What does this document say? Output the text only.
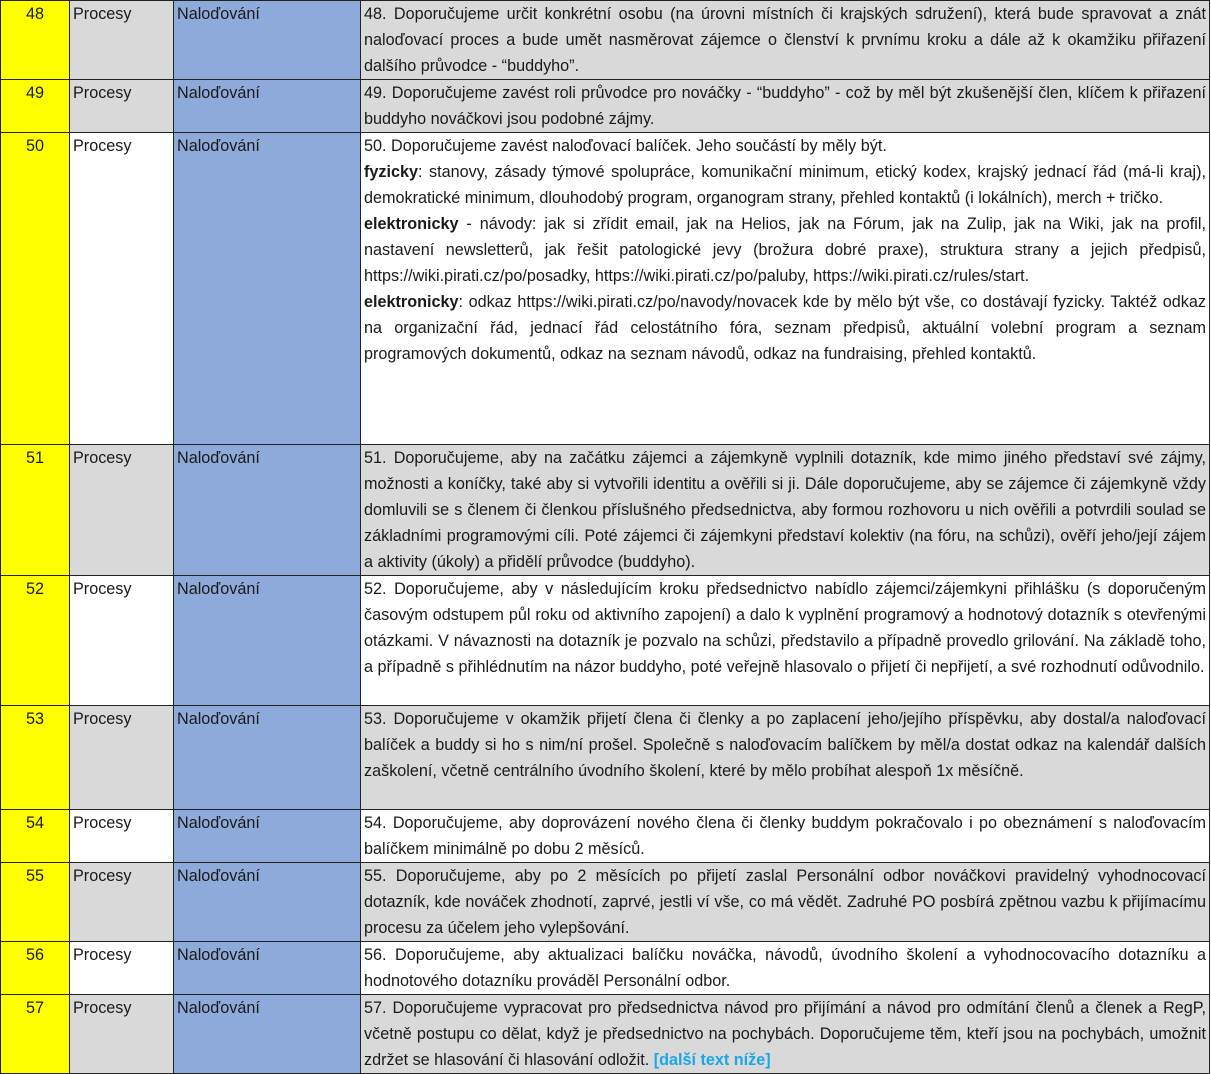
48	Procesy	Naloďování	48. Doporučujeme určit konkrétní osobu (na úrovni místních či krajských sdružení), která bude spravovat a znát naloďovací proces a bude umět nasměrovat zájemce o členství k prvnímu kroku a dále až k okamžiku přiřazení dalšího průvodce - “buddyho”.
49	Procesy	Naloďování	49. Doporučujeme zavést roli průvodce pro nováčky - “buddyho” - což by měl být zkušenější člen, klíčem k přiřazení buddyho nováčkovi jsou podobné zájmy.
50	Procesy	Naloďování	50. Doporučujeme zavést naloďovací balíček. Jeho součástí by měly být.
fyzicky: stanovy, zásady týmové spolupráce, komunikační minimum, etický kodex, krajský jednací řád (má-li kraj), demokratické minimum, dlouhodobý program, organogram strany, přehled kontaktů (i lokálních), merch + tričko.
elektronicky - návody: jak si zřídit email, jak na Helios, jak na Fórum, jak na Zulip, jak na Wiki, jak na profil, nastavení newsletterů, jak řešit patologické jevy (brožura dobré praxe), struktura strany a jejich předpisů, https://wiki.pirati.cz/po/posadky, https://wiki.pirati.cz/po/paluby, https://wiki.pirati.cz/rules/start.
elektronicky: odkaz https://wiki.pirati.cz/po/navody/novacek kde by mělo být vše, co dostávají fyzicky. Taktéž odkaz na organizační řád, jednací řád celostátního fóra, seznam předpisů, aktuální volební program a seznam programových dokumentů, odkaz na seznam návodů, odkaz na fundraising, přehled kontaktů.

51	Procesy	Naloďování	51. Doporučujeme, aby na začátku zájemci a zájemkyně vyplnili dotazník, kde mimo jiného představí své zájmy, možnosti a koníčky, také aby si vytvořili identitu a ověřili si ji. Dále doporučujeme, aby se zájemce či zájemkyně vždy domluvili se s členem či členkou příslušného předsednictva, aby formou rozhovoru u nich ověřili a potvrdili soulad se základními programovými cíli. Poté zájemci či zájemkyni představí kolektiv (na fóru, na schůzi), ověří jeho/její zájem a aktivity (úkoly) a přidělí průvodce (buddyho).
52	Procesy	Naloďování	52. Doporučujeme, aby v následujícím kroku předsednictvo nabídlo zájemci/zájemkyni přihlášku (s doporučeným časovým odstupem půl roku od aktivního zapojení) a dalo k vyplnění programový a hodnotový dotazník s otevřenými otázkami. V návaznosti na dotazník je pozvalo na schůzi, představilo a případně provedlo grilování. Na základě toho, a případně s přihlédnutím na názor buddyho, poté veřejně hlasovalo o přijetí či nepřijetí, a své rozhodnutí odůvodnilo.
53	Procesy	Naloďování	53. Doporučujeme v okamžik přijetí člena či členky a po zaplacení jeho/jejího příspěvku, aby dostal/a naloďovací balíček a buddy si ho s nim/ní prošel. Společně s naloďovacím balíčkem by měl/a dostat odkaz na kalendář dalších zaškolení, včetně centrálního úvodního školení, které by mělo probíhat alespoň 1x měsíčně.
54	Procesy	Naloďování	54. Doporučujeme, aby doprovázení nového člena či členky buddym pokračovalo i po obeznámení s naloďovacím balíčkem minimálně po dobu 2 měsíců.
55	Procesy	Naloďování	55. Doporučujeme, aby po 2 měsících po přijetí zaslal Personální odbor nováčkovi pravidelný vyhodnocovací dotazník, kde nováček zhodnotí, zaprvé, jestli ví vše, co má vědět. Zadruhé PO posbírá zpětnou vazbu k přijímacímu procesu za účelem jeho vylepšování.
56	Procesy	Naloďování	56. Doporučujeme, aby aktualizaci balíčku nováčka, návodů, úvodního školení a vyhodnocovacího dotazníku a hodnotového dotazníku prováděl Personální odbor.
57	Procesy	Naloďování	57. Doporučujeme vypracovat pro předsednictva návod pro přijímání a návod pro odmítání členů a členek a RegP, včetně postupu co dělat, když je předsednictvo na pochybách. Doporučujeme těm, kteří jsou na pochybách, umožnit zdržet se hlasování či hlasování odložit. [další text níže]
